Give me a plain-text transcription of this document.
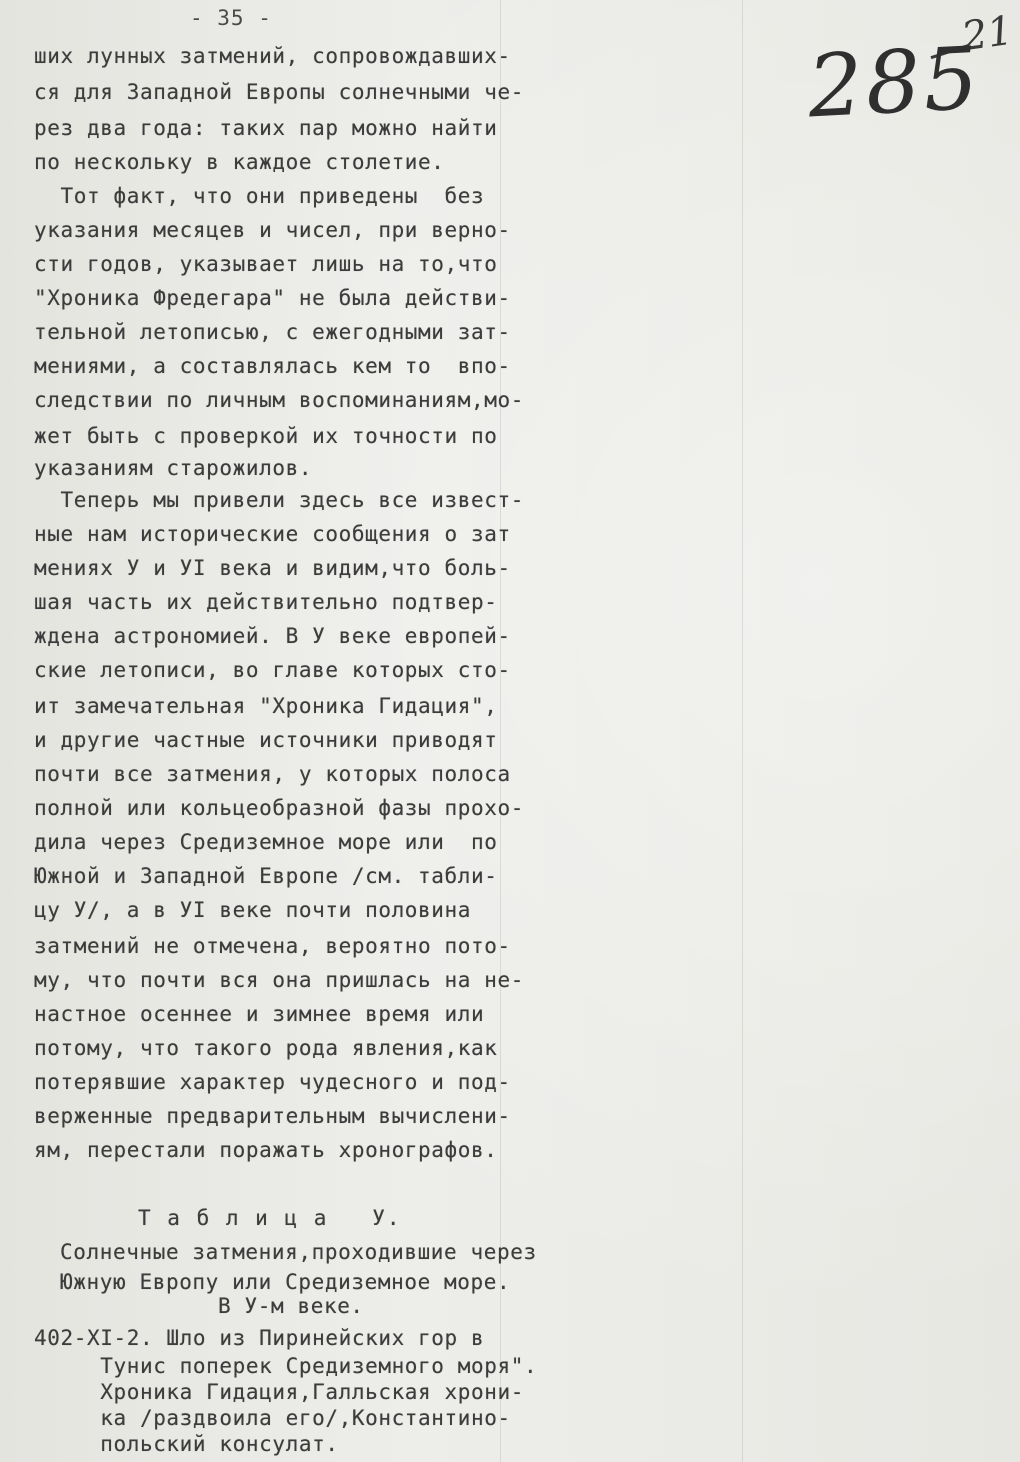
- 35 -	21
285
ших лунных затмений, сопровождавших-
ся для Западной Европы солнечными че-
рез два года: таких пар можно найти
по нескольку в каждое столетие.
Тот факт, что они приведены  без
указания месяцев и чисел, при верно-
сти годов, указывает лишь на то,что
"Хроника Фредегара" не была действи-
тельной летописью, с ежегодными зат-
мениями, а составлялась кем то  впо-
следствии по личным воспоминаниям,мо-
жет быть с проверкой их точности по
указаниям старожилов.
Теперь мы привели здесь все извест-
ные нам исторические сообщения о зат
мениях У и УI века и видим,что боль-
шая часть их действительно подтвер-
ждена астрономией. В У веке европей-
ские летописи, во главе которых сто-
ит замечательная "Хроника Гидация",
и другие частные источники приводят
почти все затмения, у которых полоса
полной или кольцеобразной фазы прохо-
дила через Средиземное море или  по
Южной и Западной Европе /см. табли-
цу У/, а в УI веке почти половина
затмений не отмечена, вероятно пото-
му, что почти вся она пришлась на не-
настное осеннее и зимнее время или
потому, что такого рода явления,как
потерявшие характер чудесного и под-
верженные предварительным вычислени-
ям, перестали поражать хронографов.
Т а б л и ц а   У.
Солнечные затмения,проходившие через
Южную Европу или Средиземное море.
В У-м веке.
402-XI-2. Шло из Пиринейских гор в
Тунис поперек Средиземного моря".
Хроника Гидация,Галльская хрони-
ка /раздвоила его/,Константино-
польский консулат.
